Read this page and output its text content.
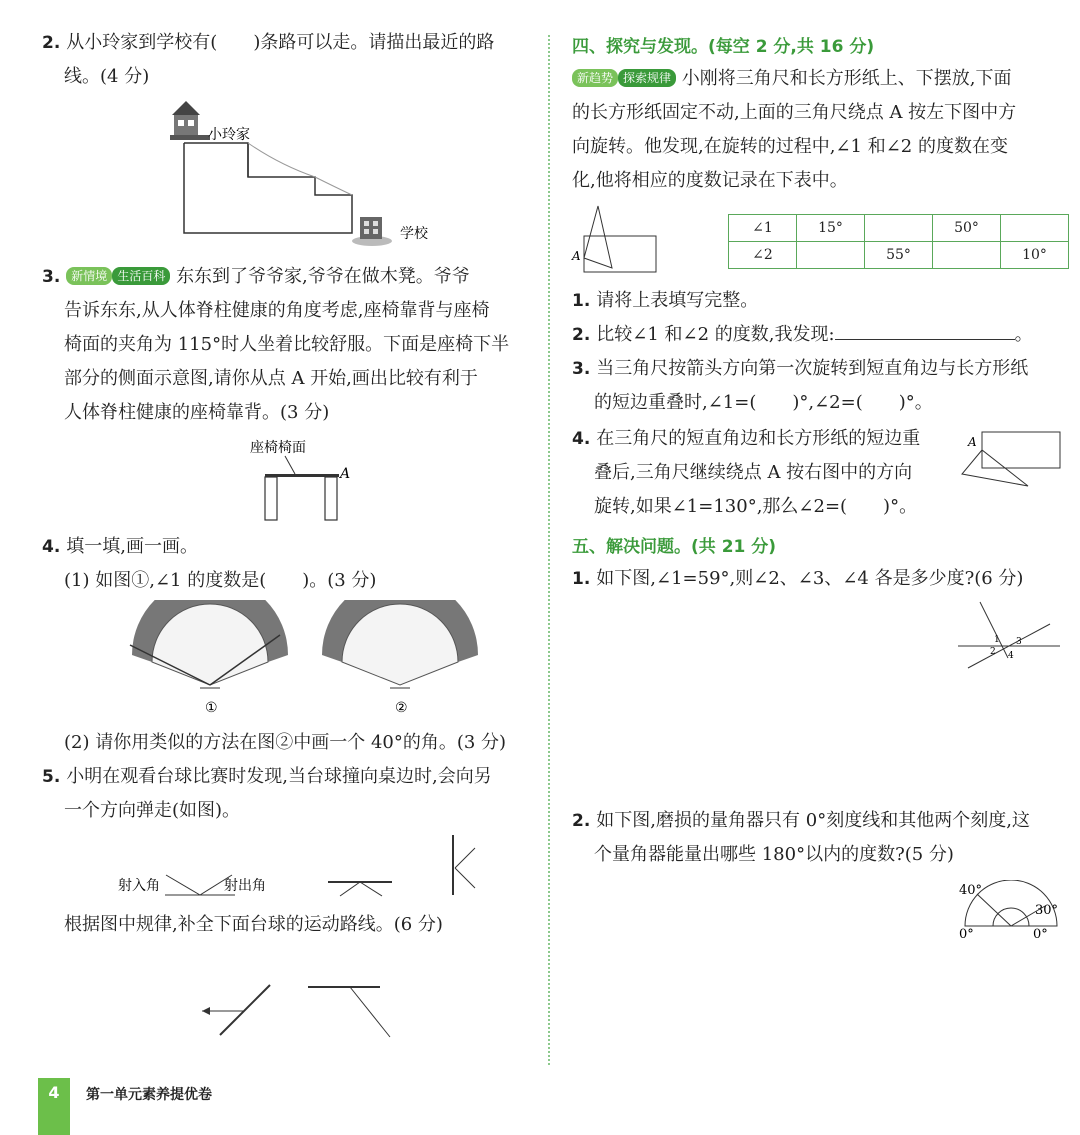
2. 从小玲家到学校有(　　)条路可以走。请描出最近的路
线。(4 分)
小玲家
学校
3. 新情境 生活百科 东东到了爷爷家,爷爷在做木凳。爷爷
告诉东东,从人体脊柱健康的角度考虑,座椅靠背与座椅
椅面的夹角为 115°时人坐着比较舒服。下面是座椅下半
部分的侧面示意图,请你从点 A 开始,画出比较有利于
人体脊柱健康的座椅靠背。(3 分)
座椅椅面
A
4. 填一填,画一画。
(1) 如图①,∠1 的度数是(　　)。(3 分)
①	②
(2) 请你用类似的方法在图②中画一个 40°的角。(3 分)
5. 小明在观看台球比赛时发现,当台球撞向桌边时,会向另
一个方向弹走(如图)。
射入角	射出角
根据图中规律,补全下面台球的运动路线。(6 分)
四、探究与发现。(每空 2 分,共 16 分)
新趋势 探索规律 小刚将三角尺和长方形纸上、下摆放,下面
的长方形纸固定不动,上面的三角尺绕点 A 按左下图中方
向旋转。他发现,在旋转的过程中,∠1 和∠2 的度数在变
化,他将相应的度数记录在下表中。
A
∠1	15°		50°	
∠2		55°		10°
1. 请将上表填写完整。
2. 比较∠1 和∠2 的度数,我发现:	。
3. 当三角尺按箭头方向第一次旋转到短直角边与长方形纸
的短边重叠时,∠1=(　　)°,∠2=(　　)°。
4. 在三角尺的短直角边和长方形纸的短边重
叠后,三角尺继续绕点 A 按右图中的方向
旋转,如果∠1=130°,那么∠2=(　　)°。
A
五、解决问题。(共 21 分)
1. 如下图,∠1=59°,则∠2、∠3、∠4 各是多少度?(6 分)
1
2
3
4
2. 如下图,磨损的量角器只有 0°刻度线和其他两个刻度,这
个量角器能量出哪些 180°以内的度数?(5 分)
40°
30°
0°	0°
4	第一单元素养提优卷
